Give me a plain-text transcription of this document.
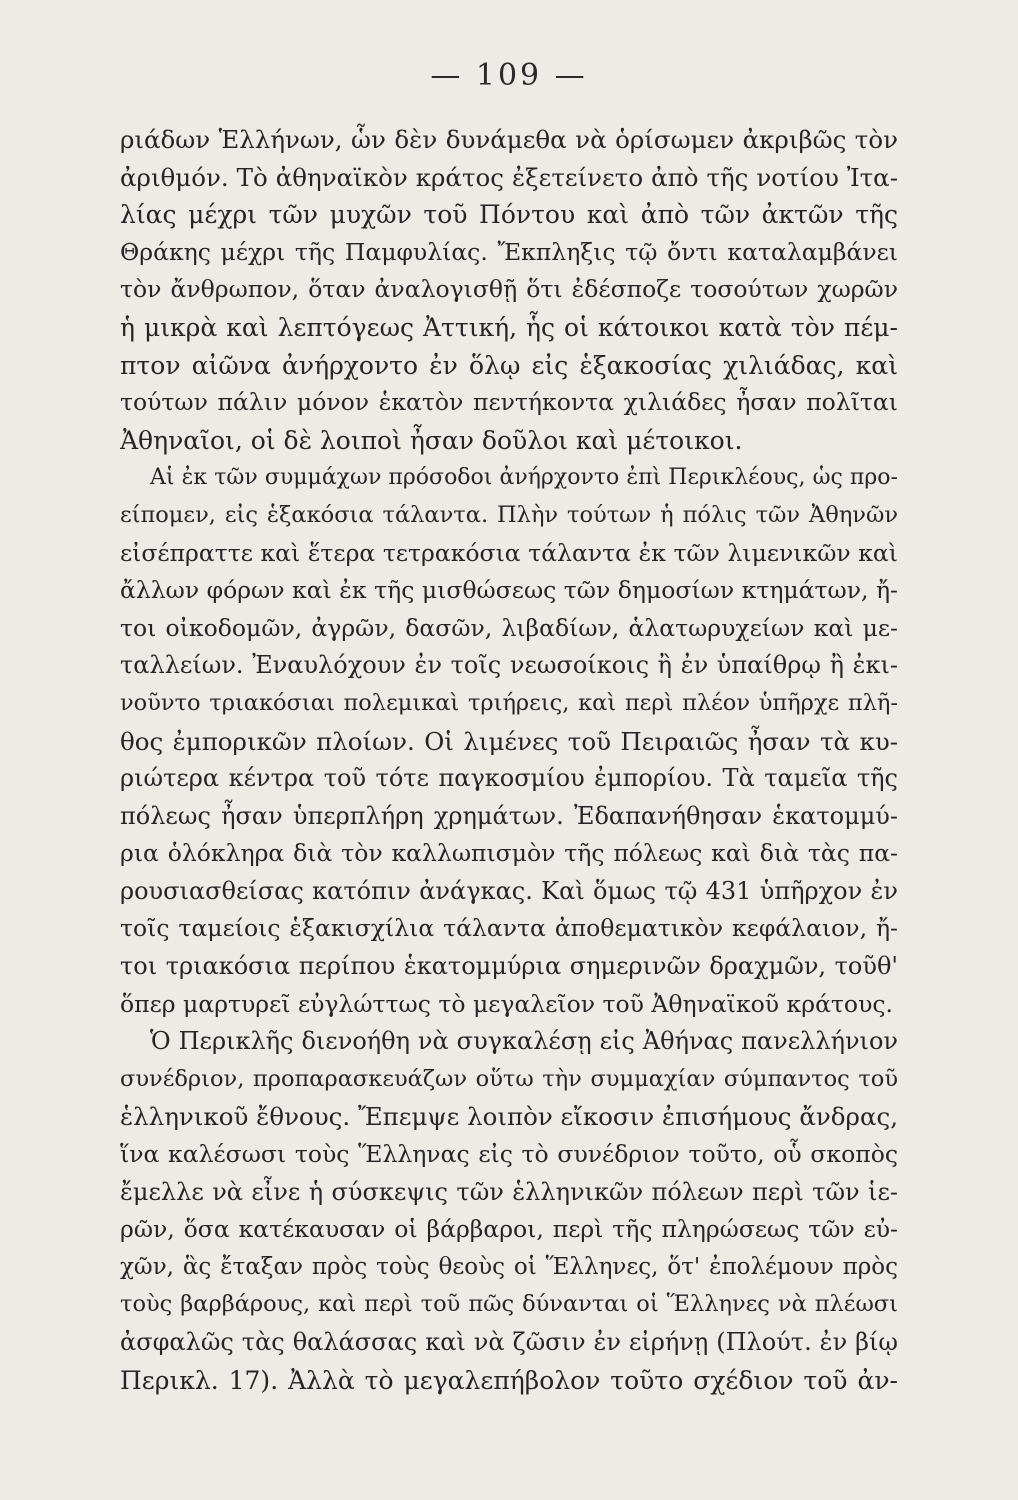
— 109 —
ριάδων Ἑλλήνων, ὧν δὲν δυνάμεθα νὰ ὁρίσωμεν ἀκριβῶς τὸν
ἀριθμόν. Τὸ ἀθηναϊκὸν κράτος ἐξετείνετο ἀπὸ τῆς νοτίου Ἰτα-
λίας μέχρι τῶν μυχῶν τοῦ Πόντου καὶ ἀπὸ τῶν ἀκτῶν τῆς
Θράκης μέχρι τῆς Παμφυλίας. Ἔκπληξις τῷ ὄντι καταλαμβάνει
τὸν ἄνθρωπον, ὅταν ἀναλογισθῇ ὅτι ἐδέσποζε τοσούτων χωρῶν
ἡ μικρὰ καὶ λεπτόγεως Ἀττική, ἧς οἱ κάτοικοι κατὰ τὸν πέμ-
πτον αἰῶνα ἀνήρχοντο ἐν ὅλῳ εἰς ἑξακοσίας χιλιάδας, καὶ
τούτων πάλιν μόνον ἑκατὸν πεντήκοντα χιλιάδες ἦσαν πολῖται
Ἀθηναῖοι, οἱ δὲ λοιποὶ ἦσαν δοῦλοι καὶ μέτοικοι.
Αἱ ἐκ τῶν συμμάχων πρόσοδοι ἀνήρχοντο ἐπὶ Περικλέους, ὡς προ-
είπομεν, εἰς ἑξακόσια τάλαντα. Πλὴν τούτων ἡ πόλις τῶν Ἀθηνῶν
εἰσέπραττε καὶ ἕτερα τετρακόσια τάλαντα ἐκ τῶν λιμενικῶν καὶ
ἄλλων φόρων καὶ ἐκ τῆς μισθώσεως τῶν δημοσίων κτημάτων, ἤ-
τοι οἰκοδομῶν, ἀγρῶν, δασῶν, λιβαδίων, ἁλατωρυχείων καὶ με-
ταλλείων. Ἐναυλόχουν ἐν τοῖς νεωσοίκοις ἢ ἐν ὑπαίθρῳ ἢ ἐκι-
νοῦντο τριακόσιαι πολεμικαὶ τριήρεις, καὶ περὶ πλέον ὑπῆρχε πλῆ-
θος ἐμπορικῶν πλοίων. Οἱ λιμένες τοῦ Πειραιῶς ἦσαν τὰ κυ-
ριώτερα κέντρα τοῦ τότε παγκοσμίου ἐμπορίου. Τὰ ταμεῖα τῆς
πόλεως ἦσαν ὑπερπλήρη χρημάτων. Ἐδαπανήθησαν ἑκατομμύ-
ρια ὁλόκληρα διὰ τὸν καλλωπισμὸν τῆς πόλεως καὶ διὰ τὰς πα-
ρουσιασθείσας κατόπιν ἀνάγκας. Καὶ ὅμως τῷ 431 ὑπῆρχον ἐν
τοῖς ταμείοις ἑξακισχίλια τάλαντα ἀποθεματικὸν κεφάλαιον, ἤ-
τοι τριακόσια περίπου ἑκατομμύρια σημερινῶν δραχμῶν, τοῦθ'
ὅπερ μαρτυρεῖ εὐγλώττως τὸ μεγαλεῖον τοῦ Ἀθηναϊκοῦ κράτους.
Ὁ Περικλῆς διενοήθη νὰ συγκαλέσῃ εἰς Ἀθήνας πανελλήνιον
συνέδριον, προπαρασκευάζων οὕτω τὴν συμμαχίαν σύμπαντος τοῦ
ἑλληνικοῦ ἔθνους. Ἔπεμψε λοιπὸν εἴκοσιν ἐπισήμους ἄνδρας,
ἵνα καλέσωσι τοὺς Ἕλληνας εἰς τὸ συνέδριον τοῦτο, οὗ σκοπὸς
ἔμελλε νὰ εἶνε ἡ σύσκεψις τῶν ἑλληνικῶν πόλεων περὶ τῶν ἱε-
ρῶν, ὅσα κατέκαυσαν οἱ βάρβαροι, περὶ τῆς πληρώσεως τῶν εὐ-
χῶν, ἃς ἔταξαν πρὸς τοὺς θεοὺς οἱ Ἕλληνες, ὅτ' ἐπολέμουν πρὸς
τοὺς βαρβάρους, καὶ περὶ τοῦ πῶς δύνανται οἱ Ἕλληνες νὰ πλέωσι
ἀσφαλῶς τὰς θαλάσσας καὶ νὰ ζῶσιν ἐν εἰρήνῃ (Πλούτ. ἐν βίῳ
Περικλ. 17). Ἀλλὰ τὸ μεγαλεπήβολον τοῦτο σχέδιον τοῦ ἀν-
